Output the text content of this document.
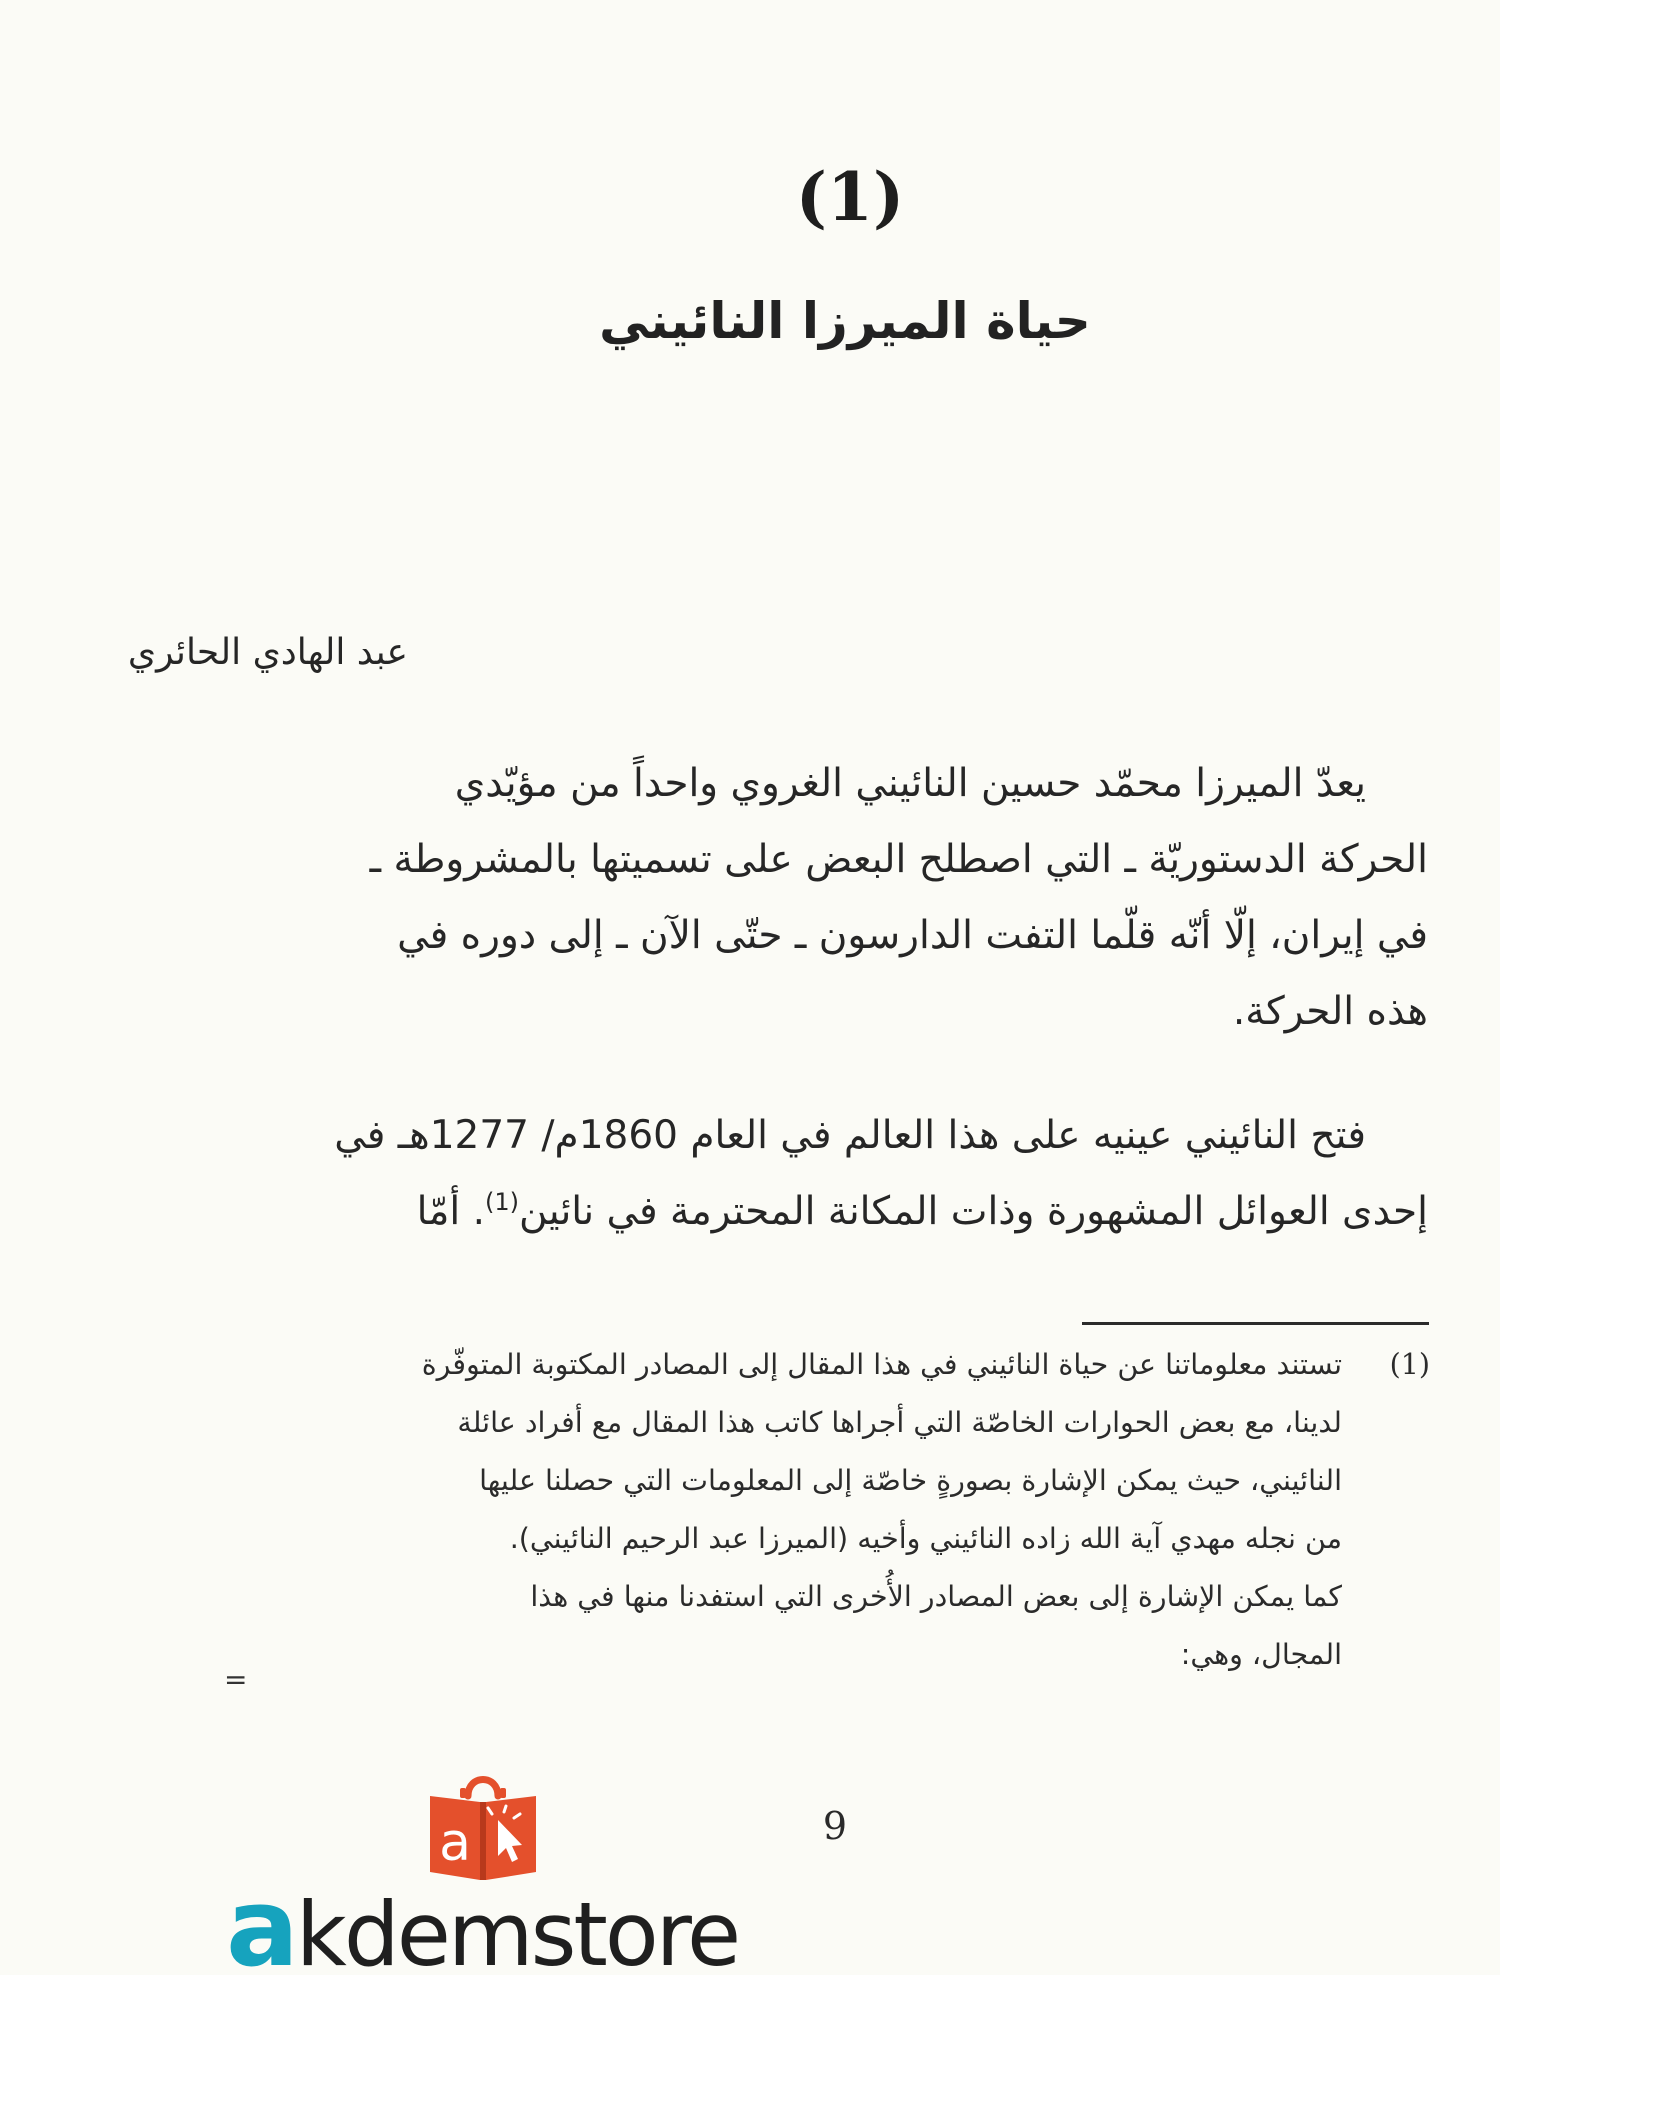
(1)
حياة الميرزا النائيني
عبد الهادي الحائري
يعدّ الميرزا محمّد حسين النائيني الغروي واحداً من مؤيّدي
الحركة الدستوريّة ـ التي اصطلح البعض على تسميتها بالمشروطة ـ
في إيران، إلّا أنّه قلّما التفت الدارسون ـ حتّى الآن ـ إلى دوره في
هذه الحركة.
فتح النائيني عينيه على هذا العالم في العام 1860م/ 1277هـ في
إحدى العوائل المشهورة وذات المكانة المحترمة في نائين$^{(1)}$. أمّا
(1)
تستند معلوماتنا عن حياة النائيني في هذا المقال إلى المصادر المكتوبة المتوفّرة
لدينا، مع بعض الحوارات الخاصّة التي أجراها كاتب هذا المقال مع أفراد عائلة
النائيني، حيث يمكن الإشارة بصورةٍ خاصّة إلى المعلومات التي حصلنا عليها
من نجله مهدي آية الله زاده النائيني وأخيه (الميرزا عبد الرحيم النائيني).
كما يمكن الإشارة إلى بعض المصادر الأُخرى التي استفدنا منها في هذا
المجال، وهي:
=
9
a
akdemstore
